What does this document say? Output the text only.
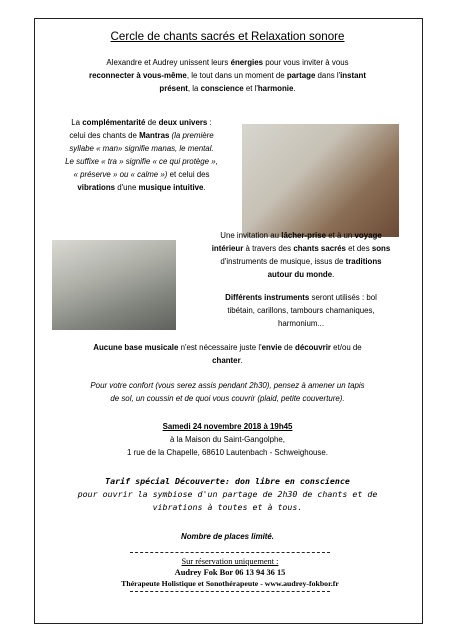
Cercle de chants sacrés et Relaxation sonore
Alexandre et Audrey unissent leurs énergies pour vous inviter à vous
reconnecter à vous-même, le tout dans un moment de partage dans l'instant
présent, la conscience et l'harmonie.
La complémentarité de deux univers :
celui des chants de Mantras (la première
syllabe « man» signifie manas, le mental.
Le suffixe « tra » signifie « ce qui protège »,
« préserve » ou « calme ») et celui des
vibrations d'une musique intuitive.
Une invitation au lâcher-prise et à un voyage
intérieur à travers des chants sacrés et des sons
d'instruments de musique, issus de traditions
autour du monde.
Différents instruments seront utilisés : bol
tibétain, carillons, tambours chamaniques,
harmonium...
Aucune base musicale n'est nécessaire juste l'envie de découvrir et/ou de
chanter.
Pour votre confort (vous serez assis pendant 2h30), pensez à amener un tapis
de sol, un coussin et de quoi vous couvrir (plaid, petite couverture).
Samedi 24 novembre 2018 à 19h45
à la Maison du Saint-Gangolphe,
1 rue de la Chapelle, 68610 Lautenbach - Schweighouse.
Tarif spécial Découverte: don libre en conscience
pour ouvrir la symbiose d'un partage de 2h30 de chants et de
vibrations à toutes et à tous.
Nombre de places limité.
Sur réservation uniquement :
Audrey Fok Bor 06 13 94 36 15
Thérapeute Holistique et Sonothérapeute - www.audrey-fokbor.fr
